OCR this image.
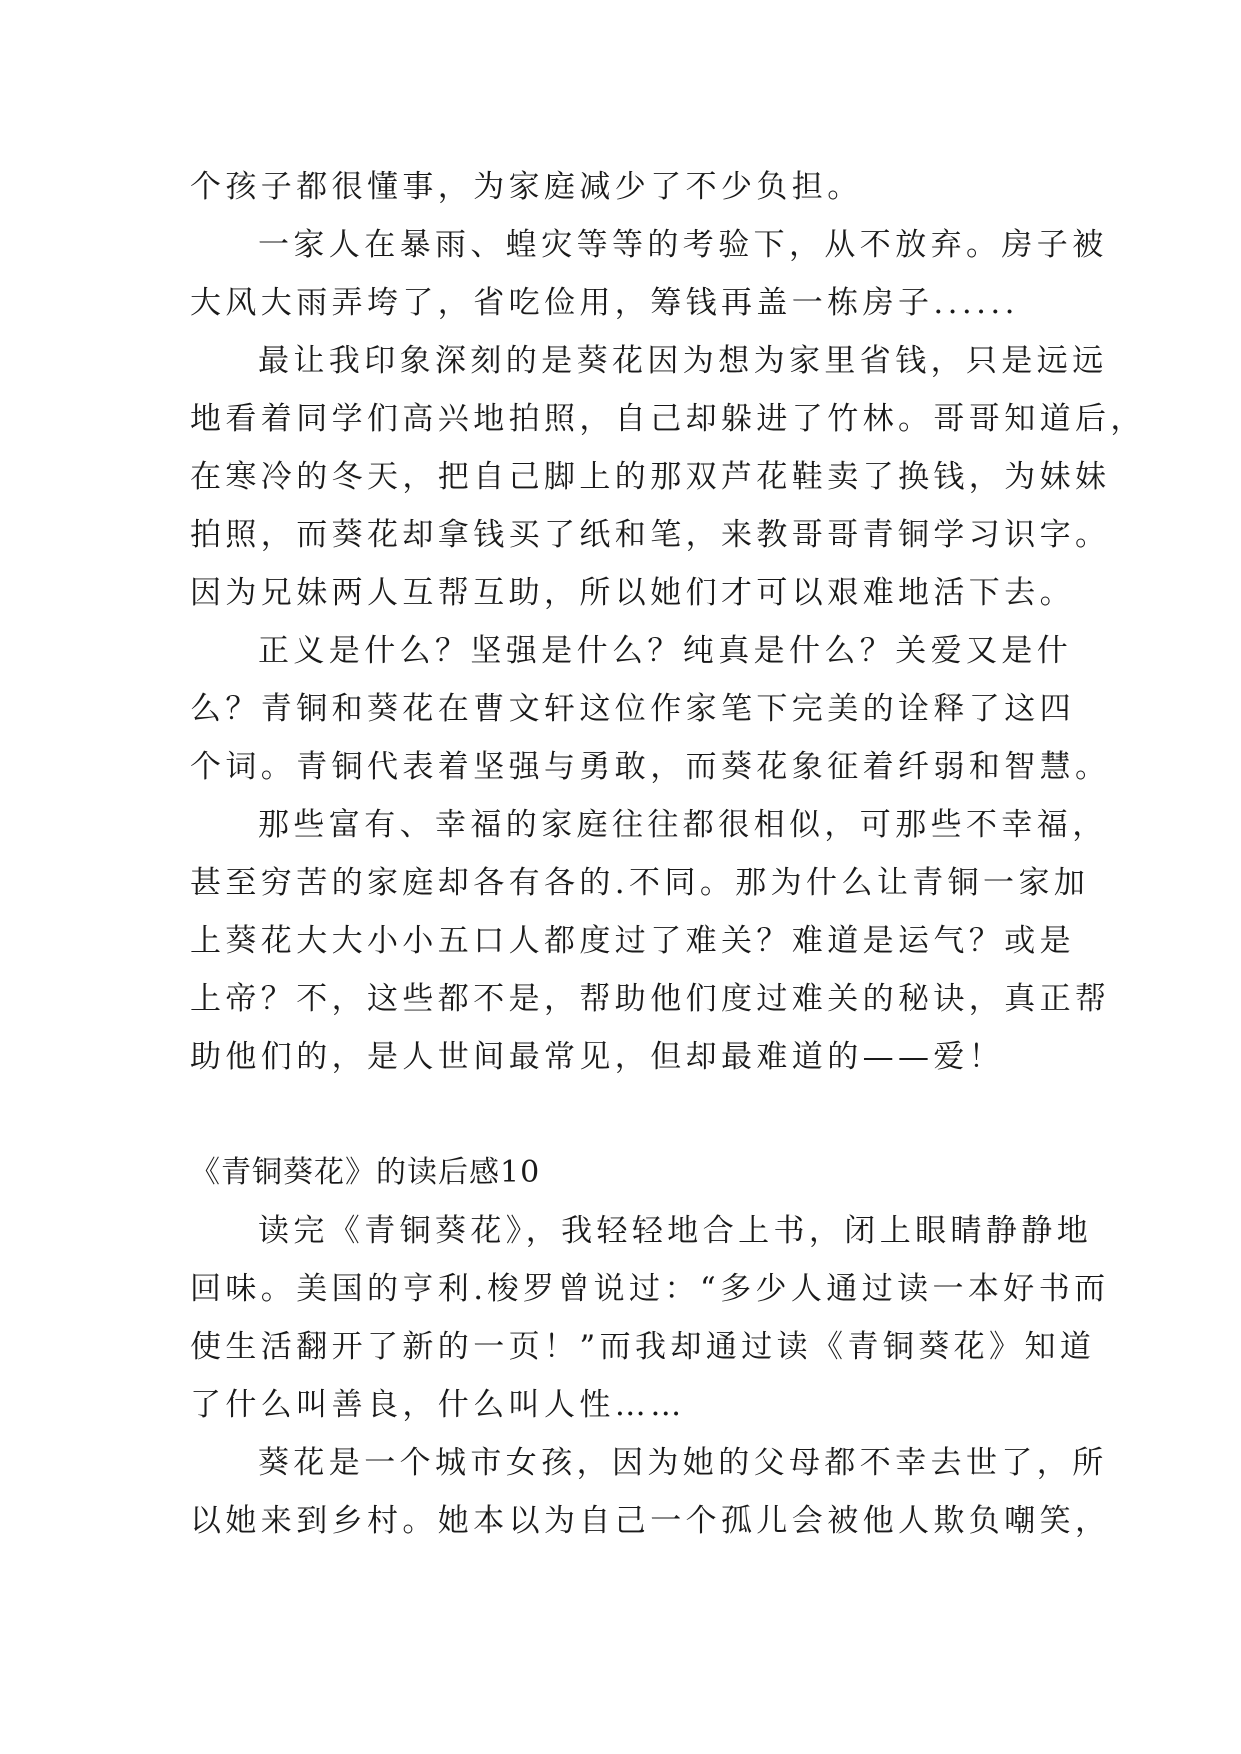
个孩子都很懂事，为家庭减少了不少负担。
一家人在暴雨、蝗灾等等的考验下，从不放弃。房子被
大风大雨弄垮了，省吃俭用，筹钱再盖一栋房子......
最让我印象深刻的是葵花因为想为家里省钱，只是远远
地看着同学们高兴地拍照，自己却躲进了竹林。哥哥知道后，
在寒冷的冬天，把自己脚上的那双芦花鞋卖了换钱，为妹妹
拍照，而葵花却拿钱买了纸和笔，来教哥哥青铜学习识字。
因为兄妹两人互帮互助，所以她们才可以艰难地活下去。
正义是什么？坚强是什么？纯真是什么？关爱又是什
么？青铜和葵花在曹文轩这位作家笔下完美的诠释了这四
个词。青铜代表着坚强与勇敢，而葵花象征着纤弱和智慧。
那些富有、幸福的家庭往往都很相似，可那些不幸福，
甚至穷苦的家庭却各有各的.不同。那为什么让青铜一家加
上葵花大大小小五口人都度过了难关？难道是运气？或是
上帝？不，这些都不是，帮助他们度过难关的秘诀，真正帮
助他们的，是人世间最常见，但却最难道的——爱！
《青铜葵花》的读后感10
读完《青铜葵花》，我轻轻地合上书，闭上眼睛静静地
回味。美国的亨利.梭罗曾说过：“多少人通过读一本好书而
使生活翻开了新的一页！”而我却通过读《青铜葵花》知道
了什么叫善良，什么叫人性……
葵花是一个城市女孩，因为她的父母都不幸去世了，所
以她来到乡村。她本以为自己一个孤儿会被他人欺负嘲笑，
